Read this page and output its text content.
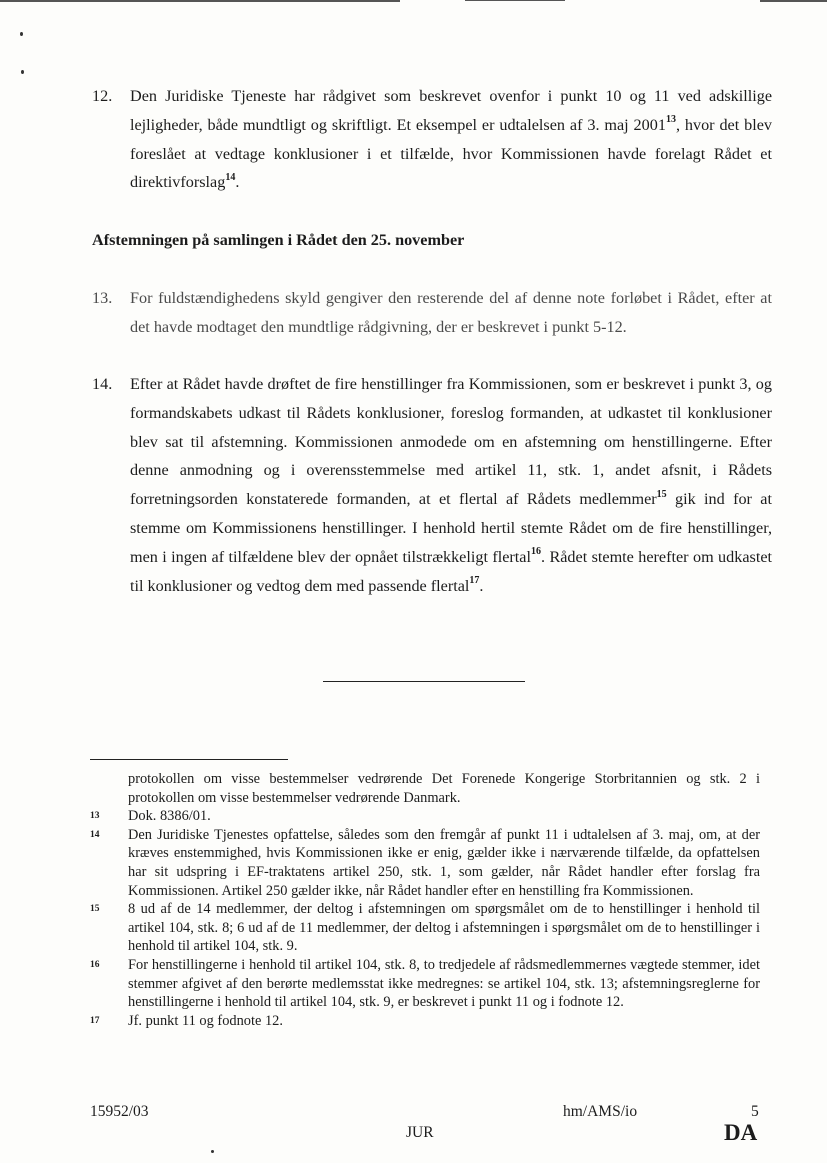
12.	Den Juridiske Tjeneste har rådgivet som beskrevet ovenfor i punkt 10 og 11 ved adskillige lejligheder, både mundtligt og skriftligt. Et eksempel er udtalelsen af 3. maj 2001$^{13}$, hvor det blev foreslået at vedtage konklusioner i et tilfælde, hvor Kommissionen havde forelagt Rådet et direktivforslag$^{14}$.
Afstemningen på samlingen i Rådet den 25. november
13.	For fuldstændighedens skyld gengiver den resterende del af denne note forløbet i Rådet, efter at det havde modtaget den mundtlige rådgivning, der er beskrevet i punkt 5-12.
14.	Efter at Rådet havde drøftet de fire henstillinger fra Kommissionen, som er beskrevet i punkt 3, og formandskabets udkast til Rådets konklusioner, foreslog formanden, at udkastet til konklusioner blev sat til afstemning. Kommissionen anmodede om en afstemning om henstillingerne. Efter denne anmodning og i overensstemmelse med artikel 11, stk. 1, andet afsnit, i Rådets forretningsorden konstaterede formanden, at et flertal af Rådets medlemmer$^{15}$ gik ind for at stemme om Kommissionens henstillinger. I henhold hertil stemte Rådet om de fire henstillinger, men i ingen af tilfældene blev der opnået tilstrækkeligt flertal$^{16}$. Rådet stemte herefter om udkastet til konklusioner og vedtog dem med passende flertal$^{17}$.
protokollen om visse bestemmelser vedrørende Det Forenede Kongerige Storbritannien og stk. 2 i protokollen om visse bestemmelser vedrørende Danmark.
13 Dok. 8386/01.
14 Den Juridiske Tjenestes opfattelse, således som den fremgår af punkt 11 i udtalelsen af 3. maj, om, at der kræves enstemmighed, hvis Kommissionen ikke er enig, gælder ikke i nærværende tilfælde, da opfattelsen har sit udspring i EF-traktatens artikel 250, stk. 1, som gælder, når Rådet handler efter forslag fra Kommissionen. Artikel 250 gælder ikke, når Rådet handler efter en henstilling fra Kommissionen.
15 8 ud af de 14 medlemmer, der deltog i afstemningen om spørgsmålet om de to henstillinger i henhold til artikel 104, stk. 8; 6 ud af de 11 medlemmer, der deltog i afstemningen i spørgsmålet om de to henstillinger i henhold til artikel 104, stk. 9.
16 For henstillingerne i henhold til artikel 104, stk. 8, to tredjedele af rådsmedlemmernes vægtede stemmer, idet stemmer afgivet af den berørte medlemsstat ikke medregnes: se artikel 104, stk. 13; afstemningsreglerne for henstillingerne i henhold til artikel 104, stk. 9, er beskrevet i punkt 11 og i fodnote 12.
17 Jf. punkt 11 og fodnote 12.
15952/03	hm/AMS/io	5
JUR	DA
